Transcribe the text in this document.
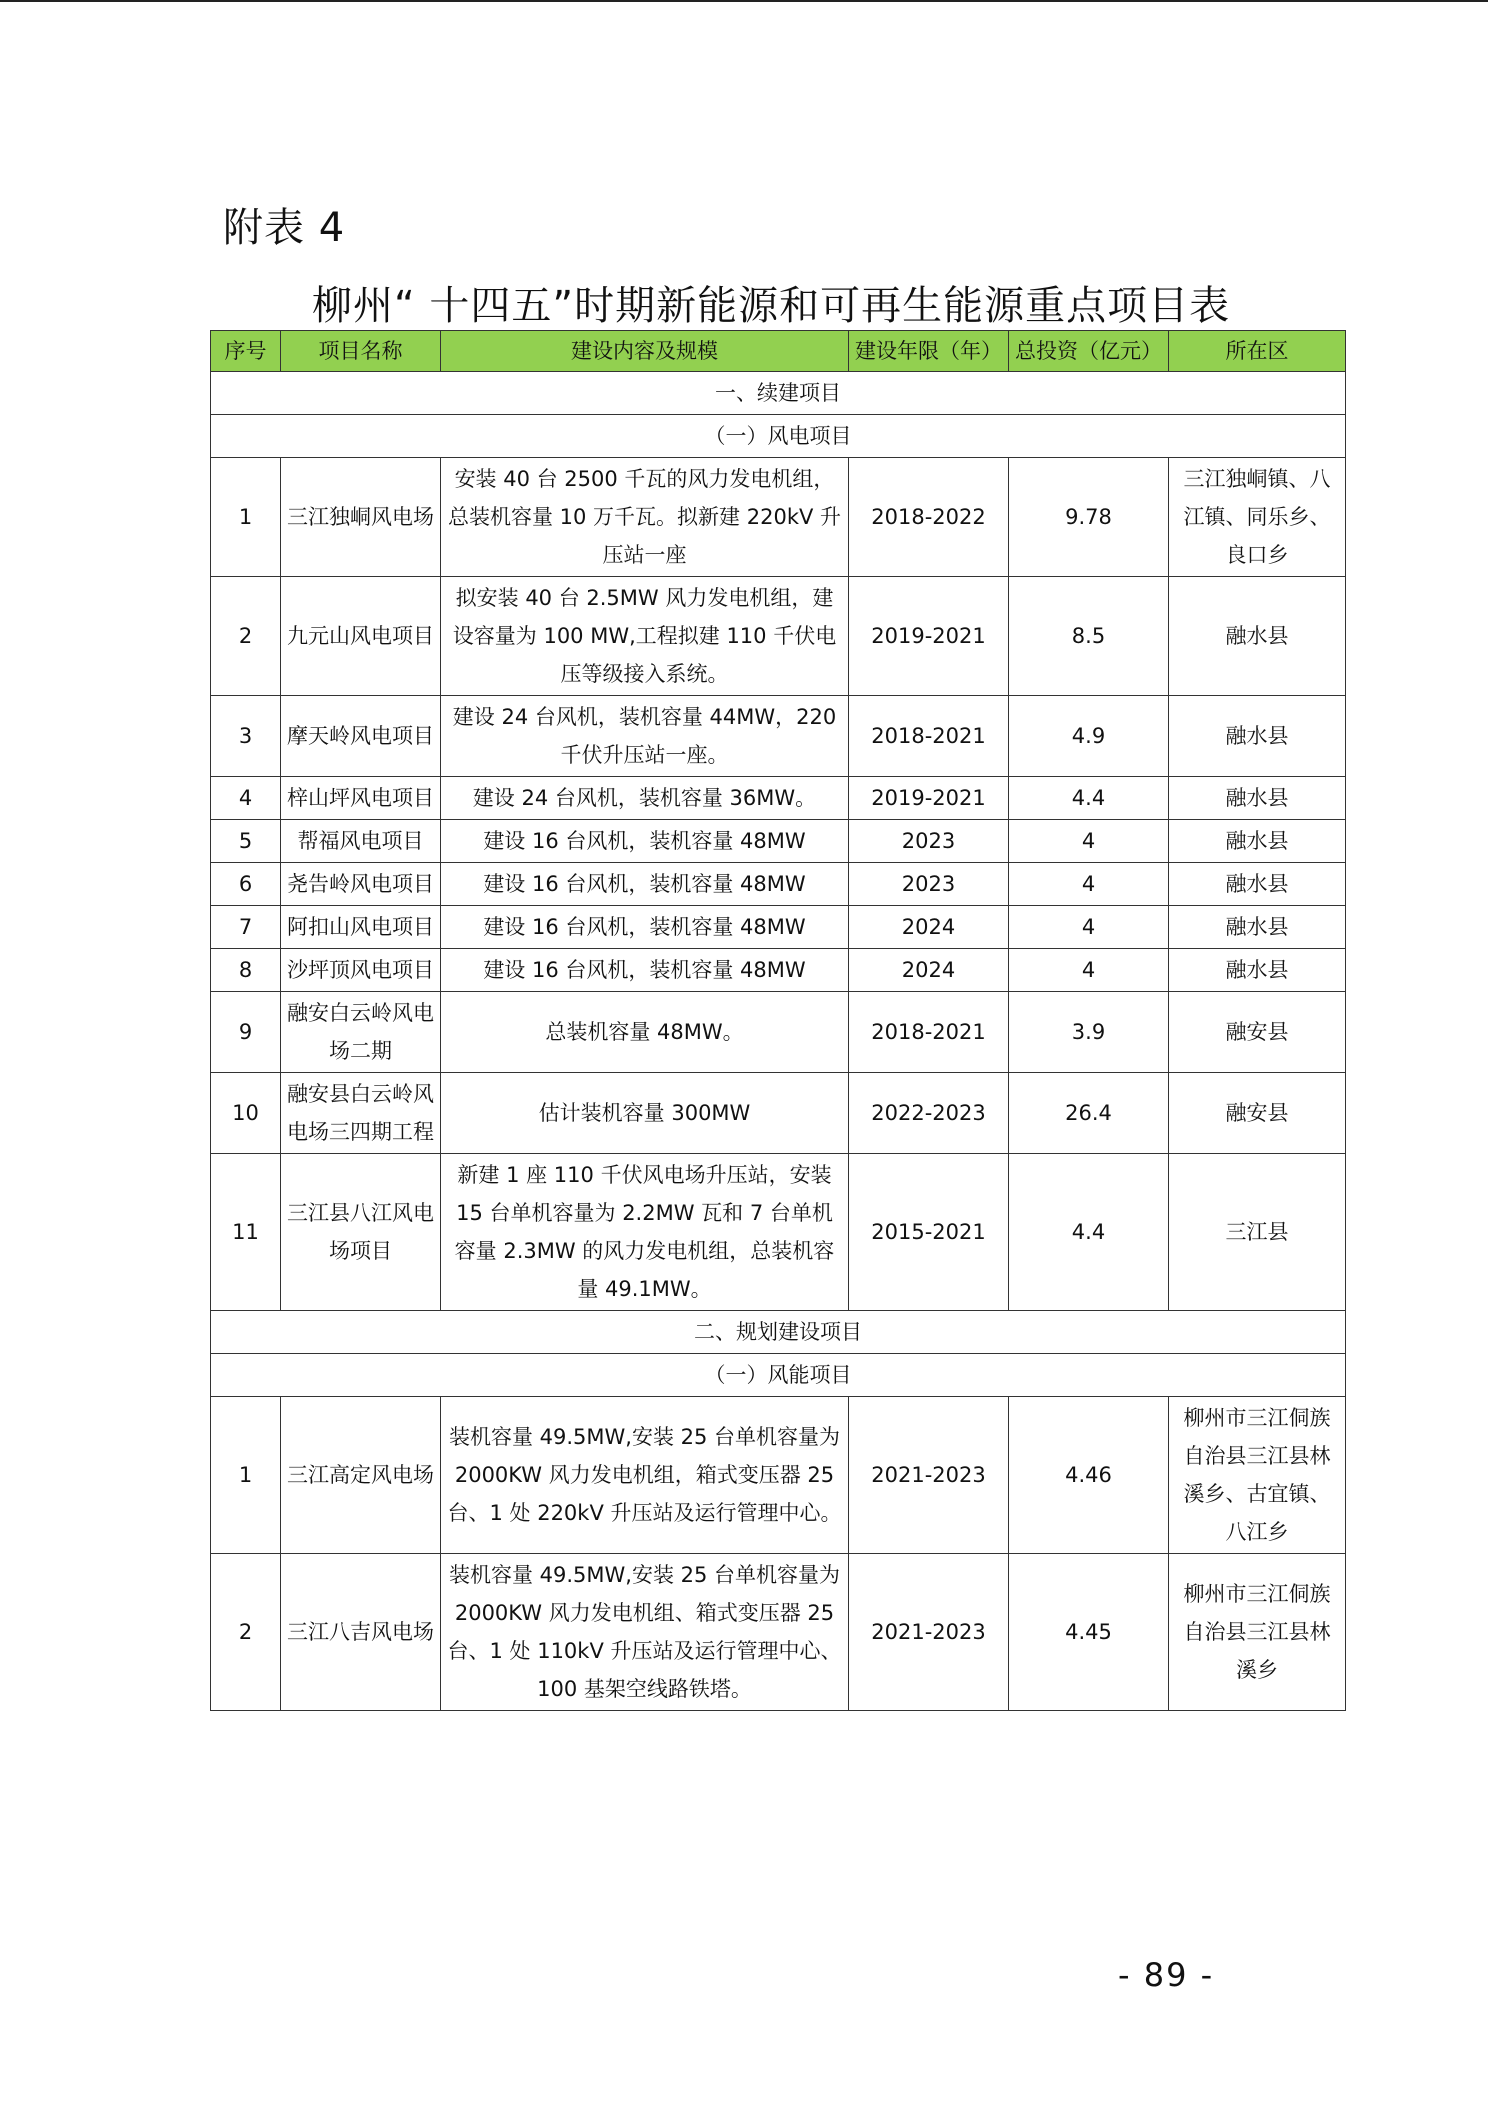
附表 4
柳州“ 十四五”时期新能源和可再生能源重点项目表
序号	项目名称	建设内容及规模	建设年限（年）	总投资（亿元）	所在区
一、续建项目					
（一）风电项目					
1	三江独峒风电场	安装 40 台 2500 千瓦的风力发电机组，总装机容量 10 万千瓦。拟新建 220kV 升压站一座	2018-2022	9.78	三江独峒镇、八江镇、同乐乡、良口乡
2	九元山风电项目	拟安装 40 台 2.5MW 风力发电机组，建设容量为 100 MW,工程拟建 110 千伏电压等级接入系统。	2019-2021	8.5	融水县
3	摩天岭风电项目	建设 24 台风机，装机容量 44MW，220 千伏升压站一座。	2018-2021	4.9	融水县
4	梓山坪风电项目	建设 24 台风机，装机容量 36MW。	2019-2021	4.4	融水县
5	帮福风电项目	建设 16 台风机，装机容量 48MW	2023	4	融水县
6	尧告岭风电项目	建设 16 台风机，装机容量 48MW	2023	4	融水县
7	阿扣山风电项目	建设 16 台风机，装机容量 48MW	2024	4	融水县
8	沙坪顶风电项目	建设 16 台风机，装机容量 48MW	2024	4	融水县
9	融安白云岭风电场二期	总装机容量 48MW。	2018-2021	3.9	融安县
10	融安县白云岭风电场三四期工程	估计装机容量 300MW	2022-2023	26.4	融安县
11	三江县八江风电场项目	新建 1 座 110 千伏风电场升压站，安装 15 台单机容量为 2.2MW 瓦和 7 台单机容量 2.3MW 的风力发电机组，总装机容量 49.1MW。	2015-2021	4.4	三江县
二、规划建设项目					
（一）风能项目					
1	三江高定风电场	装机容量 49.5MW,安装 25 台单机容量为 2000KW 风力发电机组，箱式变压器 25 台、1 处 220kV 升压站及运行管理中心。	2021-2023	4.46	柳州市三江侗族自治县三江县林溪乡、古宜镇、八江乡
2	三江八吉风电场	装机容量 49.5MW,安装 25 台单机容量为 2000KW 风力发电机组、箱式变压器 25 台、1 处 110kV 升压站及运行管理中心、100 基架空线路铁塔。	2021-2023	4.45	柳州市三江侗族自治县三江县林溪乡
- 89 -
